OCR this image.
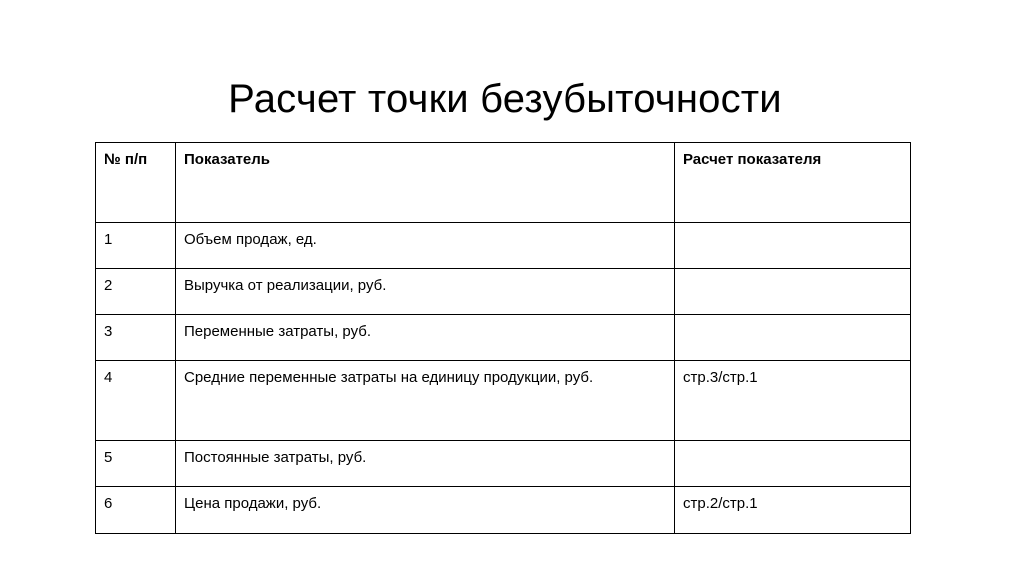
Расчет точки безубыточности
№ п/п	Показатель	Расчет показателя
1	Объем продаж, ед.	
2	Выручка от реализации, руб.	
3	Переменные затраты, руб.	
4	Средние переменные затраты на единицу продукции, руб.	стр.3/стр.1
5	Постоянные затраты, руб.	
6	Цена продажи, руб.	стр.2/стр.1
